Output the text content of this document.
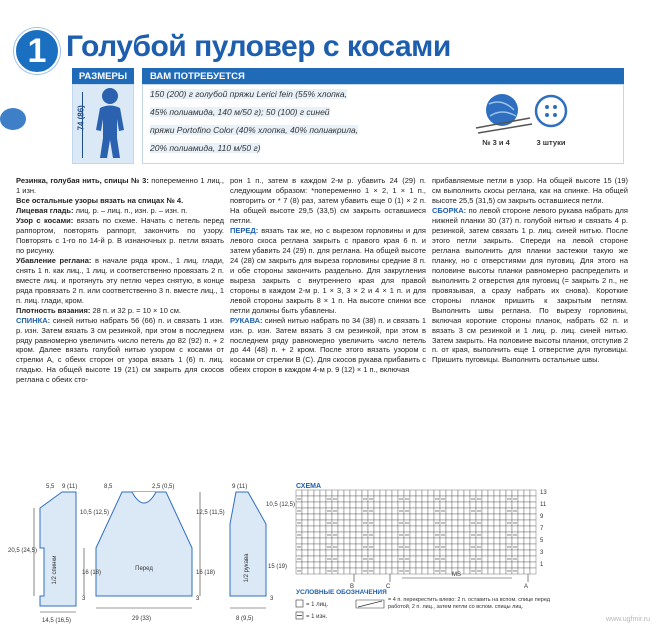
1 Голубой пуловер с косами
РАЗМЕРЫ	ВАМ ПОТРЕБУЕТСЯ
74 (86)
150 (200) г голубой пряжи Lerici fein (55% хлопка,
45% полиамида, 140 м/50 г); 50 (100) г синей
пряжи Portofino Color (40% хлопка, 40% полиакрила,
20% полиамида, 110 м/50 г)
№ 3 и 4	3 штуки

Резинка, голубая нить, спицы № 3: попеременно 1 лиц., 1 изн.

Все остальные узоры вязать на спицах № 4.

Лицевая гладь: лиц. р. – лиц. п., изн. р. – изн. п.

Узор с косами: вязать по схеме. Начать с петель перед раппортом, повторять раппорт, закончить по узору. Повторять с 1-го по 14-й р. В изнаночных р. петли вязать по рисунку.

Убавление реглана: в начале ряда кром., 1 лиц. глади, снять 1 п. как лиц., 1 лиц. и соответственно провязать 2 п. вместе лиц. и протянуть эту петлю через снятую, в конце ряда провязать 2 п. или соответственно 3 п. вместе лиц., 1 п. лиц. глади, кром.

Плотность вязания: 28 п. и 32 р. = 10 × 10 см.

СПИНКА: синей нитью набрать 56 (66) п. и связать 1 изн. р. изн. Затем вязать 3 см резинкой, при этом в последнем ряду равномерно увеличить число петель до 82 (92) п. + 2 кром. Далее вязать голубой нитью узором с косами от стрелки А, с обеих сторон от узора вязать 1 (6) п. лиц. гладью. На общей высоте 19 (21) см закрыть для скосов реглана с обеих сто-

рон 1 п., затем в каждом 2-м р. убавить 24 (29) п. следующим образом: *попеременно 1 × 2, 1 × 1 п., повторить от * 7 (8) раз, затем убавить еще 0 (1) × 2 п. На общей высоте 29,5 (33,5) см закрыть оставшиеся петли.

ПЕРЕД: вязать так же, но с вырезом горловины и для левого скоса реглана закрыть с правого края 6 п. и затем убавить 24 (29) п. для реглана. На общей высоте 24 (28) см закрыть для выреза горловины средние 8 п. и обе стороны закончить раздельно. Для закругления выреза закрыть с внутреннего края для правой стороны в каждом 2-м р. 1 × 3, 3 × 2 и 4 × 1 п. и для левой стороны закрыть 8 × 1 п. На высоте спинки все петли должны быть убавлены.

РУКАВА: синей нитью набрать по 34 (38) п. и связать 1 изн. р. изн. Затем вязать 3 см резинкой, при этом в последнем ряду равномерно увеличить число петель до 44 (48) п. + 2 кром. После этого вязать узором с косами от стрелки В (С). Для скосов рукава прибавить с обеих сторон в каждом 4-м р. 9 (12) × 1 п., включая

прибавляемые петли в узор. На общей высоте 15 (19) см выполнить скосы реглана, как на спинке. На общей высоте 25,5 (31,5) см закрыть оставшиеся петли.

СБОРКА: по левой стороне левого рукава набрать для нижней планки 30 (37) п. голубой нитью и связать 4 р. резинкой, затем связать 1 р. лиц. синей нитью. После этого петли закрыть. Спереди на левой стороне реглана выполнить для планки застежки такую же планку, но с отверстиями для пуговиц. Для этого на половине высоты планки равномерно распределить и выполнить 2 отверстия для пуговиц (= закрыть 2 п., не провязывая, а сразу набрать их снова). Короткие стороны планок пришить к закрытым петлям. Выполнить швы реглана. По вырезу горловины, включая короткие стороны планок, набрать 62 п. и вязать 3 см резинкой и 1 лиц. р. лиц. синей нитью. Затем закрыть. На половине высоты планки, отступив 2 п. от края, выполнить еще 1 отверстие для пуговицы. Пришить пуговицы. Выполнить остальные швы.

1/2 спинки	Перед	1/2 рукава
5,5 9 (11)
10,5 (12,5)
20,5 (24,5)
16 (18)
3
14,5 (16,5)
8,5	2,5 (0,5)
12,5 (11,5)
29 (33)
16 (18)
3
9 (11)
10,5 (12,5)
15 (19)
3
8 (9,5)
СХЕМА
13
11
9
7
5
3
1
B	C
MS
A
УСЛОВНЫЕ ОБОЗНАЧЕНИЯ
= 1 лиц.
= 1 изн.
= 4 п. перекрестить влево: 2 п. оставить на вспом. спице перед работой, 2 п. лиц., затем петли со вспом. спицы лиц.
www.ugfmir.ru
